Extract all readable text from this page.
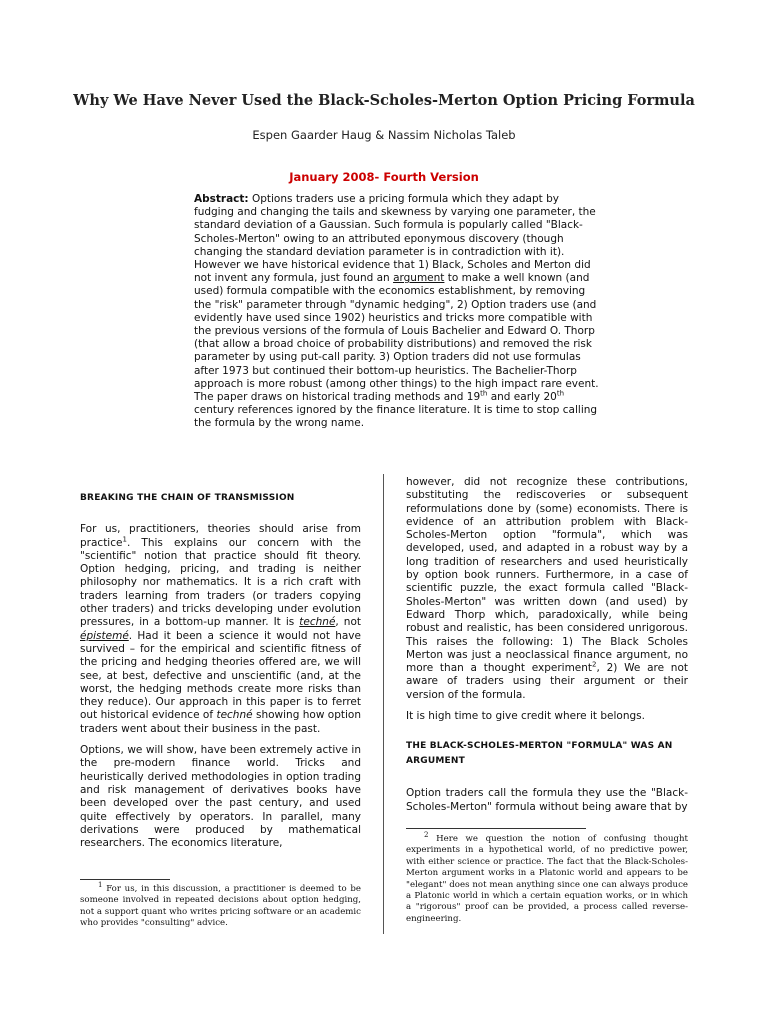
Why We Have Never Used the Black-Scholes-Merton Option Pricing Formula
Espen Gaarder Haug & Nassim Nicholas Taleb
January 2008- Fourth Version
Abstract: Options traders use a pricing formula which they adapt by fudging and changing the tails and skewness by varying one parameter, the standard deviation of a Gaussian. Such formula is popularly called "Black-Scholes-Merton" owing to an attributed eponymous discovery (though changing the standard deviation parameter is in contradiction with it). However we have historical evidence that 1) Black, Scholes and Merton did not invent any formula, just found an argument to make a well known (and used) formula compatible with the economics establishment, by removing the "risk" parameter through "dynamic hedging", 2) Option traders use (and evidently have used since 1902) heuristics and tricks more compatible with the previous versions of the formula of Louis Bachelier and Edward O. Thorp (that allow a broad choice of probability distributions) and removed the risk parameter by using put-call parity. 3) Option traders did not use formulas after 1973 but continued their bottom-up heuristics. The Bachelier-Thorp approach is more robust (among other things) to the high impact rare event. The paper draws on historical trading methods and 19th and early 20th century references ignored by the finance literature. It is time to stop calling the formula by the wrong name.

BREAKING THE CHAIN OF TRANSMISSION

For us, practitioners, theories should arise from practice$^1$. This explains our concern with the "scientific" notion that practice should fit theory. Option hedging, pricing, and trading is neither philosophy nor mathematics. It is a rich craft with traders learning from traders (or traders copying other traders) and tricks developing under evolution pressures, in a bottom-up manner. It is techné, not épistemé. Had it been a science it would not have survived – for the empirical and scientific fitness of the pricing and hedging theories offered are, we will see, at best, defective and unscientific (and, at the worst, the hedging methods create more risks than they reduce). Our approach in this paper is to ferret out historical evidence of techné showing how option traders went about their business in the past.

Options, we will show, have been extremely active in the pre-modern finance world. Tricks and heuristically derived methodologies in option trading and risk management of derivatives books have been developed over the past century, and used quite effectively by operators. In parallel, many derivations were produced by mathematical researchers. The economics literature,

$^1$ For us, in this discussion, a practitioner is deemed to be someone involved in repeated decisions about option hedging, not a support quant who writes pricing software or an academic who provides "consulting" advice.

however, did not recognize these contributions, substituting the rediscoveries or subsequent reformulations done by (some) economists. There is evidence of an attribution problem with Black-Scholes-Merton option "formula", which was developed, used, and adapted in a robust way by a long tradition of researchers and used heuristically by option book runners. Furthermore, in a case of scientific puzzle, the exact formula called "Black-Sholes-Merton" was written down (and used) by Edward Thorp which, paradoxically, while being robust and realistic, has been considered unrigorous. This raises the following: 1) The Black Scholes Merton was just a neoclassical finance argument, no more than a thought experiment$^2$, 2) We are not aware of traders using their argument or their version of the formula.

It is high time to give credit where it belongs.

THE BLACK-SCHOLES-MERTON "FORMULA" WAS AN ARGUMENT

Option traders call the formula they use the "Black-Scholes-Merton" formula without being aware that by

$^2$ Here we question the notion of confusing thought experiments in a hypothetical world, of no predictive power, with either science or practice. The fact that the Black-Scholes-Merton argument works in a Platonic world and appears to be "elegant" does not mean anything since one can always produce a Platonic world in which a certain equation works, or in which a "rigorous" proof can be provided, a process called reverse-engineering.
